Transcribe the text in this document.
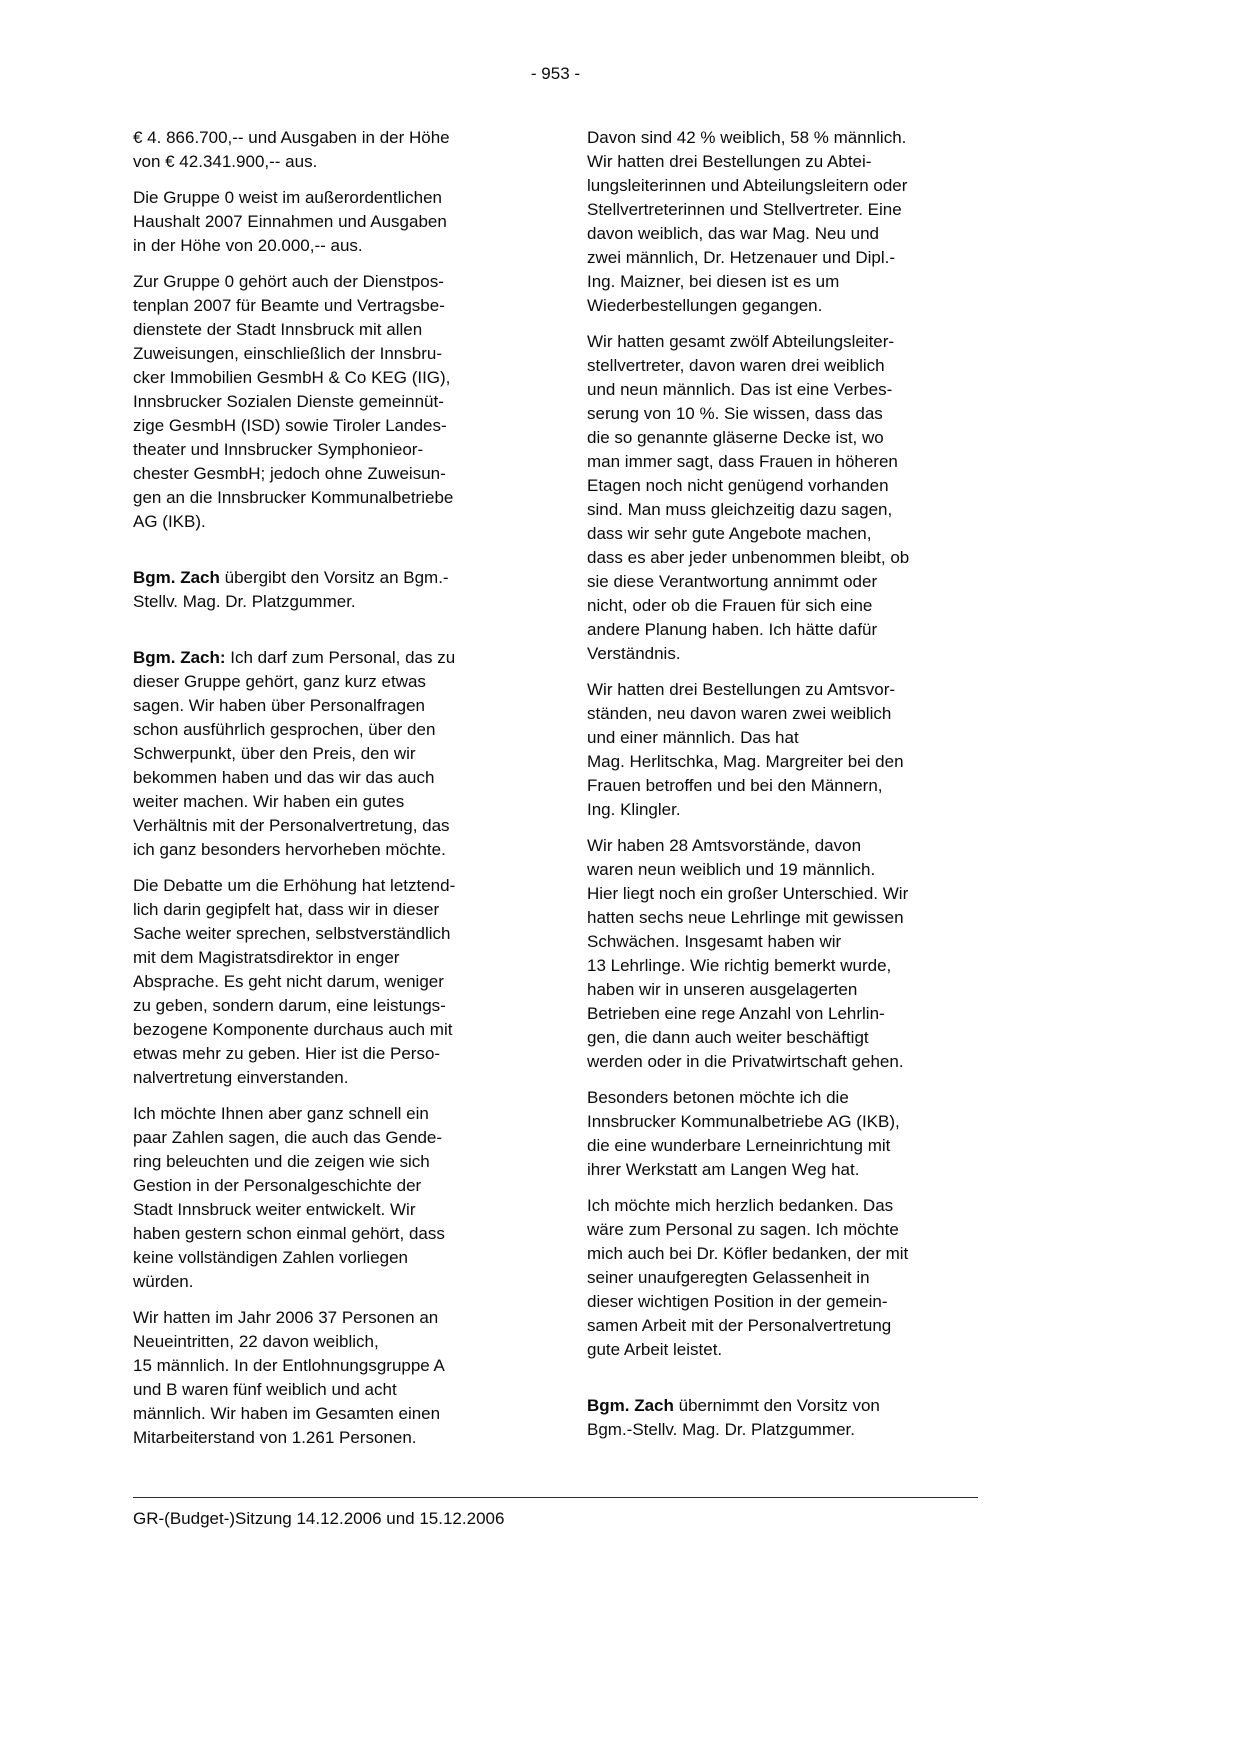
- 953 -

€ 4. 866.700,-- und Ausgaben in der Höhe
von € 42.341.900,-- aus.

Die Gruppe 0 weist im außerordentlichen
Haushalt 2007 Einnahmen und Ausgaben
in der Höhe von 20.000,-- aus.

Zur Gruppe 0 gehört auch der Dienstpos-
tenplan 2007 für Beamte und Vertragsbe-
dienstete der Stadt Innsbruck mit allen
Zuweisungen, einschließlich der Innsbru-
cker Immobilien GesmbH & Co KEG (IIG),
Innsbrucker Sozialen Dienste gemeinnüt-
zige GesmbH (ISD) sowie Tiroler Landes-
theater und Innsbrucker Symphonieor-
chester GesmbH; jedoch ohne Zuweisun-
gen an die Innsbrucker Kommunalbetriebe
AG (IKB).

Bgm. Zach übergibt den Vorsitz an Bgm.-
Stellv. Mag. Dr. Platzgummer.

Bgm. Zach: Ich darf zum Personal, das zu
dieser Gruppe gehört, ganz kurz etwas
sagen. Wir haben über Personalfragen
schon ausführlich gesprochen, über den
Schwerpunkt, über den Preis, den wir
bekommen haben und das wir das auch
weiter machen. Wir haben ein gutes
Verhältnis mit der Personalvertretung, das
ich ganz besonders hervorheben möchte.

Die Debatte um die Erhöhung hat letztend-
lich darin gegipfelt hat, dass wir in dieser
Sache weiter sprechen, selbstverständlich
mit dem Magistratsdirektor in enger
Absprache. Es geht nicht darum, weniger
zu geben, sondern darum, eine leistungs-
bezogene Komponente durchaus auch mit
etwas mehr zu geben. Hier ist die Perso-
nalvertretung einverstanden.

Ich möchte Ihnen aber ganz schnell ein
paar Zahlen sagen, die auch das Gende-
ring beleuchten und die zeigen wie sich
Gestion in der Personalgeschichte der
Stadt Innsbruck weiter entwickelt. Wir
haben gestern schon einmal gehört, dass
keine vollständigen Zahlen vorliegen
würden.

Wir hatten im Jahr 2006 37 Personen an
Neueintritten, 22 davon weiblich,
15 männlich. In der Entlohnungsgruppe A
und B waren fünf weiblich und acht
männlich. Wir haben im Gesamten einen
Mitarbeiterstand von 1.261 Personen.

Davon sind 42 % weiblich, 58 % männlich.
Wir hatten drei Bestellungen zu Abtei-
lungsleiterinnen und Abteilungsleitern oder
Stellvertreterinnen und Stellvertreter. Eine
davon weiblich, das war Mag. Neu und
zwei männlich, Dr. Hetzenauer und Dipl.-
Ing. Maizner, bei diesen ist es um
Wiederbestellungen gegangen.

Wir hatten gesamt zwölf Abteilungsleiter-
stellvertreter, davon waren drei weiblich
und neun männlich. Das ist eine Verbes-
serung von 10 %. Sie wissen, dass das
die so genannte gläserne Decke ist, wo
man immer sagt, dass Frauen in höheren
Etagen noch nicht genügend vorhanden
sind. Man muss gleichzeitig dazu sagen,
dass wir sehr gute Angebote machen,
dass es aber jeder unbenommen bleibt, ob
sie diese Verantwortung annimmt oder
nicht, oder ob die Frauen für sich eine
andere Planung haben. Ich hätte dafür
Verständnis.

Wir hatten drei Bestellungen zu Amtsvor-
ständen, neu davon waren zwei weiblich
und einer männlich. Das hat
Mag. Herlitschka, Mag. Margreiter bei den
Frauen betroffen und bei den Männern,
Ing. Klingler.

Wir haben 28 Amtsvorstände, davon
waren neun weiblich und 19 männlich.
Hier liegt noch ein großer Unterschied. Wir
hatten sechs neue Lehrlinge mit gewissen
Schwächen. Insgesamt haben wir
13 Lehrlinge. Wie richtig bemerkt wurde,
haben wir in unseren ausgelagerten
Betrieben eine rege Anzahl von Lehrlin-
gen, die dann auch weiter beschäftigt
werden oder in die Privatwirtschaft gehen.

Besonders betonen möchte ich die
Innsbrucker Kommunalbetriebe AG (IKB),
die eine wunderbare Lerneinrichtung mit
ihrer Werkstatt am Langen Weg hat.

Ich möchte mich herzlich bedanken. Das
wäre zum Personal zu sagen. Ich möchte
mich auch bei Dr. Köfler bedanken, der mit
seiner unaufgeregten Gelassenheit in
dieser wichtigen Position in der gemein-
samen Arbeit mit der Personalvertretung
gute Arbeit leistet.

Bgm. Zach übernimmt den Vorsitz von
Bgm.-Stellv. Mag. Dr. Platzgummer.

GR-(Budget-)Sitzung 14.12.2006 und 15.12.2006
